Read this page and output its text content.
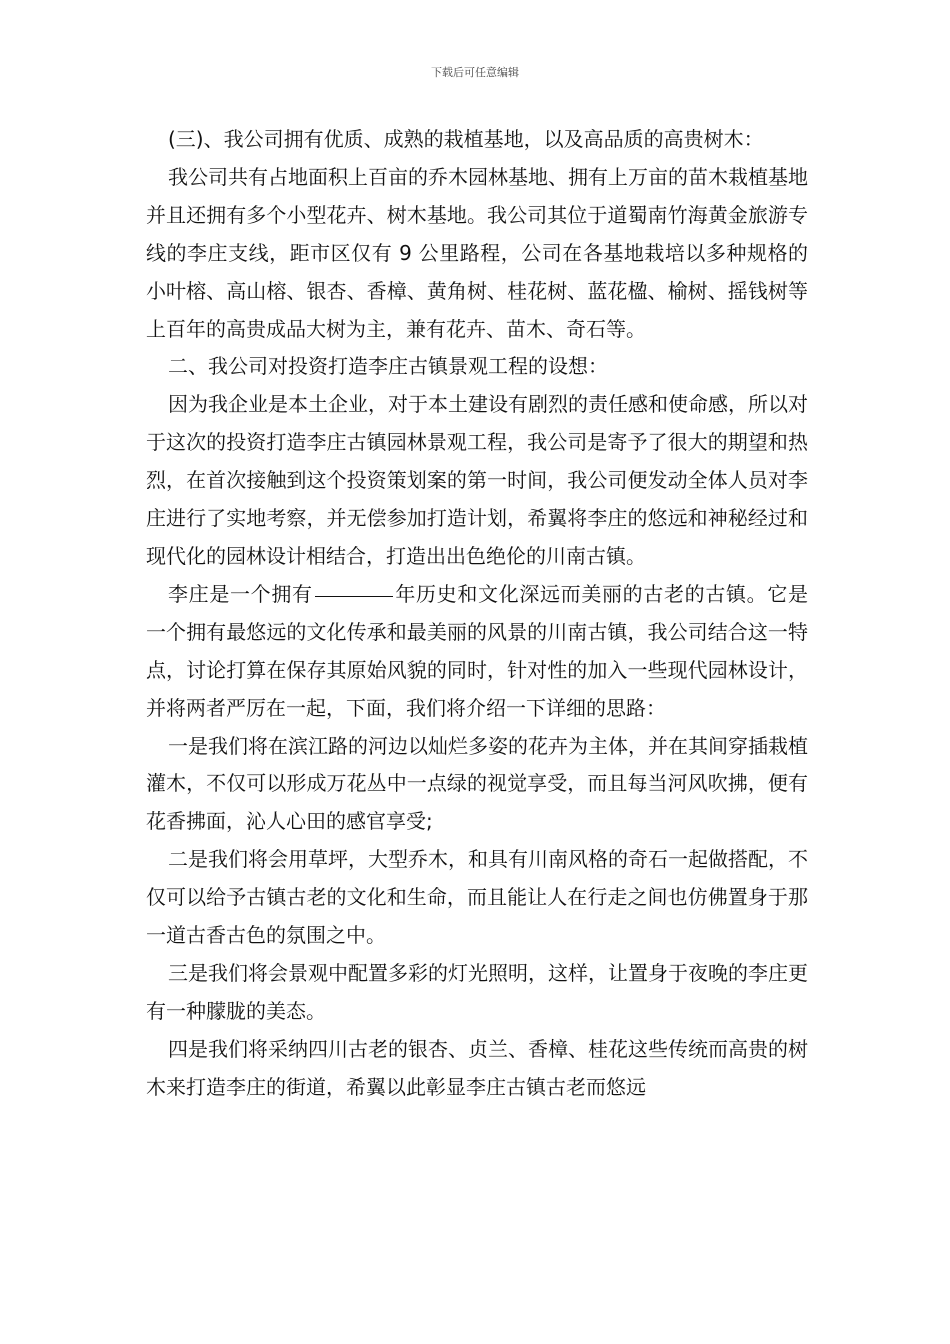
下载后可任意编辑

(三)、我公司拥有优质、成熟的栽植基地，以及高品质的高贵树木：

我公司共有占地面积上百亩的乔木园林基地、拥有上万亩的苗木栽植基地并且还拥有多个小型花卉、树木基地。我公司其位于道蜀南竹海黄金旅游专线的李庄支线，距市区仅有 9 公里路程，公司在各基地栽培以多种规格的小叶榕、高山榕、银杏、香樟、黄角树、桂花树、蓝花楹、榆树、摇钱树等上百年的高贵成品大树为主，兼有花卉、苗木、奇石等。

二、我公司对投资打造李庄古镇景观工程的设想：

因为我企业是本土企业，对于本土建设有剧烈的责任感和使命感，所以对于这次的投资打造李庄古镇园林景观工程，我公司是寄予了很大的期望和热烈，在首次接触到这个投资策划案的第一时间，我公司便发动全体人员对李庄进行了实地考察，并无偿参加打造计划，希翼将李庄的悠远和神秘经过和现代化的园林设计相结合，打造出出色绝伦的川南古镇。

李庄是一个拥有	年历史和文化深远而美丽的古老的古镇。它是一个拥有最悠远的文化传承和最美丽的风景的川南古镇，我公司结合这一特点，讨论打算在保存其原始风貌的同时，针对性的加入一些现代园林设计，并将两者严厉在一起，下面，我们将介绍一下详细的思路：

一是我们将在滨江路的河边以灿烂多姿的花卉为主体，并在其间穿插栽植灌木，不仅可以形成万花丛中一点绿的视觉享受，而且每当河风吹拂，便有花香拂面，沁人心田的感官享受;

二是我们将会用草坪，大型乔木，和具有川南风格的奇石一起做搭配，不仅可以给予古镇古老的文化和生命，而且能让人在行走之间也仿佛置身于那一道古香古色的氛围之中。

三是我们将会景观中配置多彩的灯光照明，这样，让置身于夜晚的李庄更有一种朦胧的美态。

四是我们将采纳四川古老的银杏、贞兰、香樟、桂花这些传统而高贵的树木来打造李庄的街道，希翼以此彰显李庄古镇古老而悠远
